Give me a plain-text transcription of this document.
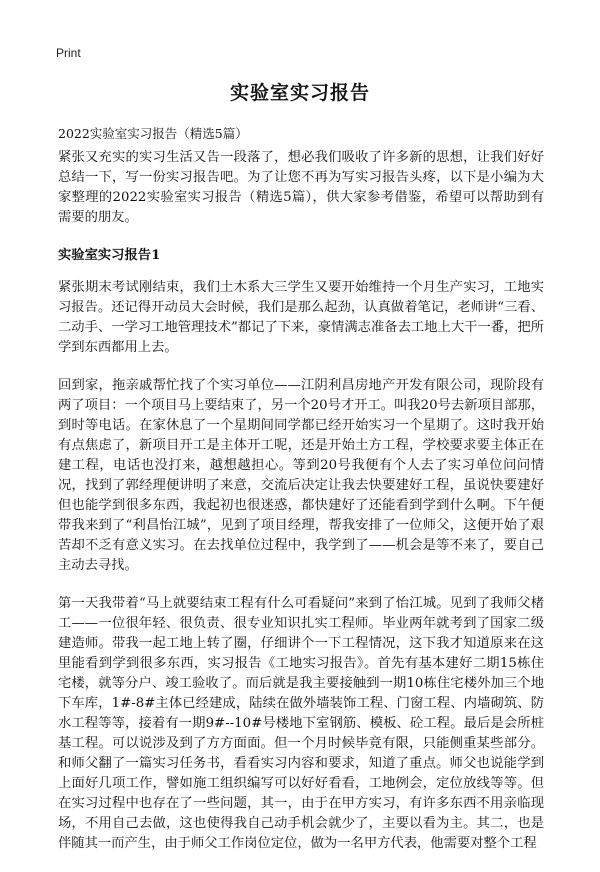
Print
实验室实习报告

2022实验室实习报告（精选5篇）

紧张又充实的实习生活又告一段落了，想必我们吸收了许多新的思想，让我们好好总结一下，写一份实习报告吧。为了让您不再为写实习报告头疼，以下是小编为大家整理的2022实验室实习报告（精选5篇），供大家参考借鉴，希望可以帮助到有需要的朋友。

实验室实习报告1

紧张期末考试刚结束，我们土木系大三学生又要开始维持一个月生产实习，工地实习报告。还记得开动员大会时候，我们是那么起劲，认真做着笔记，老师讲“三看、二动手、一学习工地管理技术”都记了下来，豪情满志准备去工地上大干一番，把所学到东西都用上去。

回到家，拖亲戚帮忙找了个实习单位——江阴利昌房地产开发有限公司，现阶段有两了项目：一个项目马上要结束了，另一个20号才开工。叫我20号去新项目部那，到时等电话。在家休息了一个星期间同学都已经开始实习一个星期了。这时我开始有点焦虑了，新项目开工是主体开工呢，还是开始土方工程，学校要求要主体正在建工程，电话也没打来，越想越担心。等到20号我便有个人去了实习单位问问情况，找到了郭经理便讲明了来意，交流后决定让我去快要建好工程，虽说快要建好但也能学到很多东西，我起初也很迷惑，都快建好了还能看到学到什么啊。下午便带我来到了“利昌怡江城”，见到了项目经理，帮我安排了一位师父，这便开始了艰苦却不乏有意义实习。在去找单位过程中，我学到了——机会是等不来了，要自己主动去寻找。

第一天我带着“马上就要结束工程有什么可看疑问”来到了怡江城。见到了我师父楮工——一位很年轻、很负责、很专业知识扎实工程师。毕业两年就考到了国家二级建造师。带我一起工地上转了圈，仔细讲个一下工程情况，这下我才知道原来在这里能看到学到很多东西，实习报告《工地实习报告》。首先有基本建好二期15栋住宅楼，就等分户、竣工验收了。而后就是我主要接触到一期10栋住宅楼外加三个地下车库，1#-8#主体已经建成，陆续在做外墙装饰工程、门窗工程、内墙砌筑、防水工程等等，接着有一期9#--10#号楼地下室钢筋、模板、砼工程。最后是会所桩基工程。可以说涉及到了方方面面。但一个月时候毕竟有限，只能侧重某些部分。和师父翻了一篇实习任务书，看看实习内容和要求，知道了重点。师父也说能学到上面好几项工作，譬如施工组织编写可以好好看看，工地例会，定位放线等等。但在实习过程中也存在了一些问题，其一，由于在甲方实习，有许多东西不用亲临现场，不用自己去做，这也使得我自己动手机会就少了，主要以看为主。其二，也是伴随其一而产生，由于师父工作岗位定位，做为一名甲方代表，他需要对整个工程
